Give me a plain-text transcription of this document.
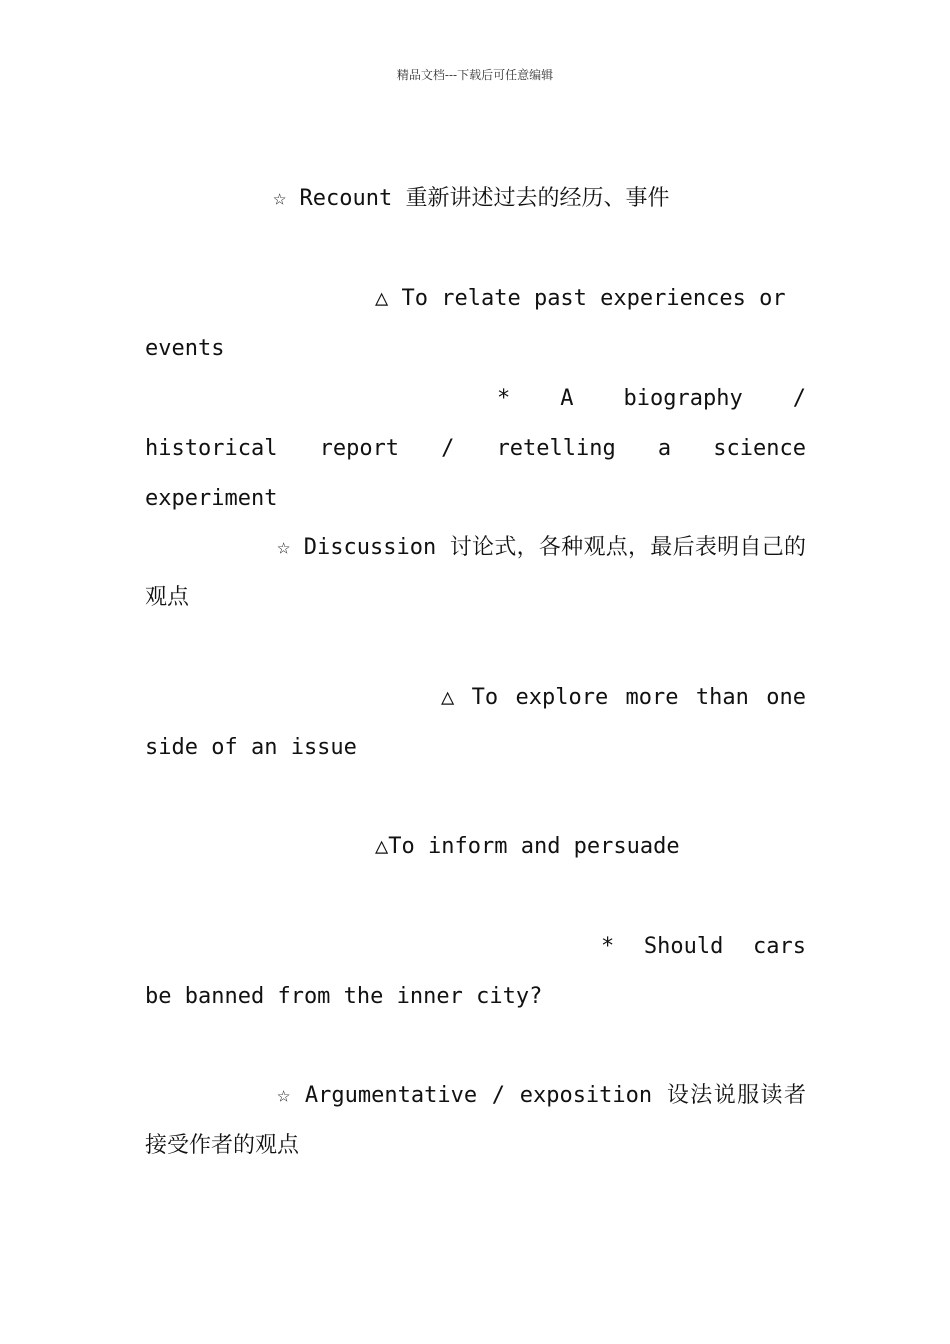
精品文档---下载后可任意编辑

☆ Recount 重新讲述过去的经历、事件

△ To relate past experiences or events

* A biography / historical report / retelling a science experiment

☆ Discussion 讨论式，各种观点，最后表明自己的观点

△ To explore more than one side of an issue

△To inform and persuade

* Should cars be banned from the inner city?

☆ Argumentative / exposition 设法说服读者接受作者的观点
